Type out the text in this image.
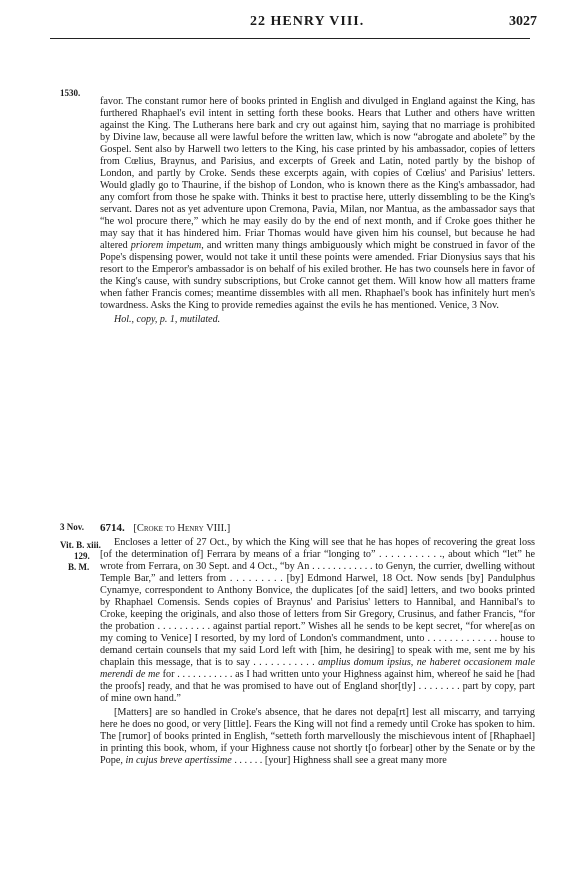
22 HENRY VIII.	3027
1530.

favor. The constant rumor here of books printed in English and divulged in England against the King, has furthered Rhaphael's evil intent in setting forth these books. Hears that Luther and others have written against the King. The Lutherans here bark and cry out against him, saying that no marriage is prohibited by Divine law, because all were lawful before the written law, which is now “abrogate and abolete” by the Gospel. Sent also by Harwell two letters to the King, his case printed by his ambassador, copies of letters from Cœlius, Braynus, and Parisius, and excerpts of Greek and Latin, noted partly by the bishop of London, and partly by Croke. Sends these excerpts again, with copies of Cœlius' and Parisius' letters. Would gladly go to Thaurine, if the bishop of London, who is known there as the King's ambassador, had any comfort from those he spake with. Thinks it best to practise here, utterly dissembling to be the King's servant. Dares not as yet adventure upon Cremona, Pavia, Milan, nor Mantua, as the ambassador says that “he wol procure there,” which he may easily do by the end of next month, and if Croke goes thither he may say that it has hindered him. Friar Thomas would have given him his counsel, but because he had altered priorem impetum, and written many things ambiguously which might be construed in favor of the Pope's dispensing power, would not take it until these points were amended. Friar Dionysius says that his resort to the Emperor's ambassador is on behalf of his exiled brother. He has two counsels here in favor of the King's cause, with sundry subscriptions, but Croke cannot get them. Will know how all matters frame when father Francis comes; meantime dissembles with all men. Rhaphael's book has infinitely hurt men's towardness. Asks the King to provide remedies against the evils he has mentioned. Venice, 3 Nov.

Hol., copy, p. 1, mutilated.

3 Nov.
Vit. B. xiii.
129.
B. M.

6714. [Croke to Henry VIII.]

Encloses a letter of 27 Oct., by which the King will see that he has hopes of recovering the great loss [of the determination of] Ferrara by means of a friar “longing to” . . . . . . . . . . ., about which “let” he wrote from Ferrara, on 30 Sept. and 4 Oct., “by An . . . . . . . . . . . . to Genyn, the currier, dwelling without Temple Bar,” and letters from . . . . . . . . . [by] Edmond Harwel, 18 Oct. Now sends [by] Pandulphus Cynamye, correspondent to Anthony Bonvice, the duplicates [of the said] letters, and two books printed by Rhaphael Comensis. Sends copies of Braynus' and Parisius' letters to Hannibal, and Hannibal's to Croke, keeping the originals, and also those of letters from Sir Gregory, Crusinus, and father Francis, “for the probation . . . . . . . . . . against partial report.” Wishes all he sends to be kept secret, “for where[as on my coming to Venice] I resorted, by my lord of London's commandment, unto . . . . . . . . . . . . . house to demand certain counsels that my said Lord left with [him, he desiring] to speak with me, sent me by his chaplain this message, that is to say . . . . . . . . . . . amplius domum ipsius, ne haberet occasionem male merendi de me for . . . . . . . . . . . as I had written unto your Highness against him, whereof he said he [had the proofs] ready, and that he was promised to have out of England shor[tly] . . . . . . . . part by copy, part of mine own hand.”

[Matters] are so handled in Croke's absence, that he dares not depa[rt] lest all miscarry, and tarrying here he does no good, or very [little]. Fears the King will not find a remedy until Croke has spoken to him. The [rumor] of books printed in English, “setteth forth marvellously the mischievous intent of [Rhaphael] in printing this book, whom, if your Highness cause not shortly t[o forbear] other by the Senate or by the Pope, in cujus breve apertissime . . . . . . [your] Highness shall see a great many more
